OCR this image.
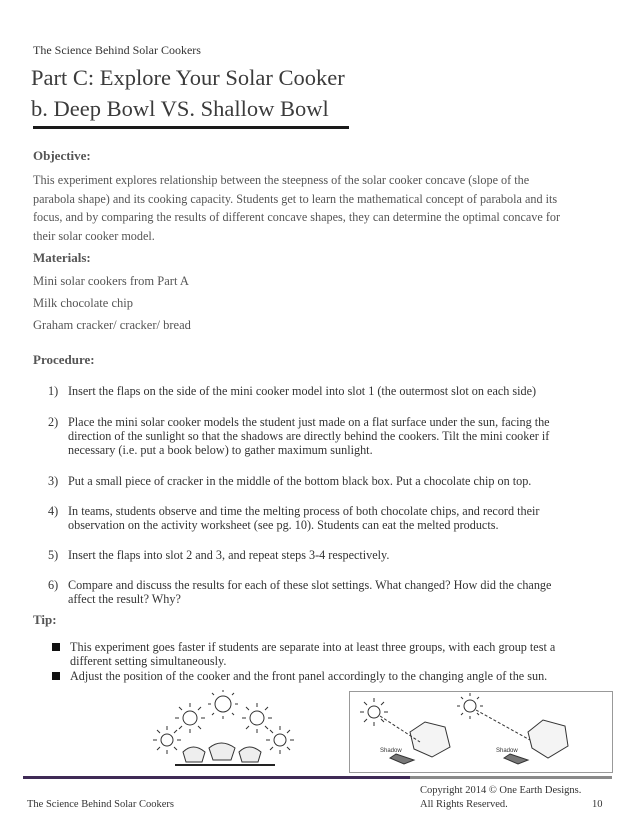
The Science Behind Solar Cookers
Part C: Explore Your Solar Cooker
b. Deep Bowl VS. Shallow Bowl
Objective:
This experiment explores relationship between the steepness of the solar cooker concave (slope of the
parabola shape) and its cooking capacity. Students get to learn the mathematical concept of parabola and its
focus, and by comparing the results of different concave shapes, they can determine the optimal concave for
their solar cooker model.
Materials:
Mini solar cookers from Part A
Milk chocolate chip
Graham cracker/ cracker/ bread
Procedure:
1) Insert the flaps on the side of the mini cooker model into slot 1 (the outermost slot on each side)
2) Place the mini solar cooker models the student just made on a flat surface under the sun, facing the
direction of the sunlight so that the shadows are directly behind the cookers. Tilt the mini cooker if
necessary (i.e. put a book below) to gather maximum sunlight.
3) Put a small piece of cracker in the middle of the bottom black box. Put a chocolate chip on top.
4) In teams, students observe and time the melting process of both chocolate chips, and record their
observation on the activity worksheet (see pg. 10). Students can eat the melted products.
5) Insert the flaps into slot 2 and 3, and repeat steps 3-4 respectively.
6) Compare and discuss the results for each of these slot settings. What changed? How did the change
affect the result? Why?
Tip:
This experiment goes faster if students are separate into at least three groups, with each group test a
different setting simultaneously.
Adjust the position of the cooker and the front panel accordingly to the changing angle of the sun.
Shadow	Shadow
The Science Behind Solar Cookers
Copyright 2014 © One Earth Designs.
All Rights Reserved.	10
